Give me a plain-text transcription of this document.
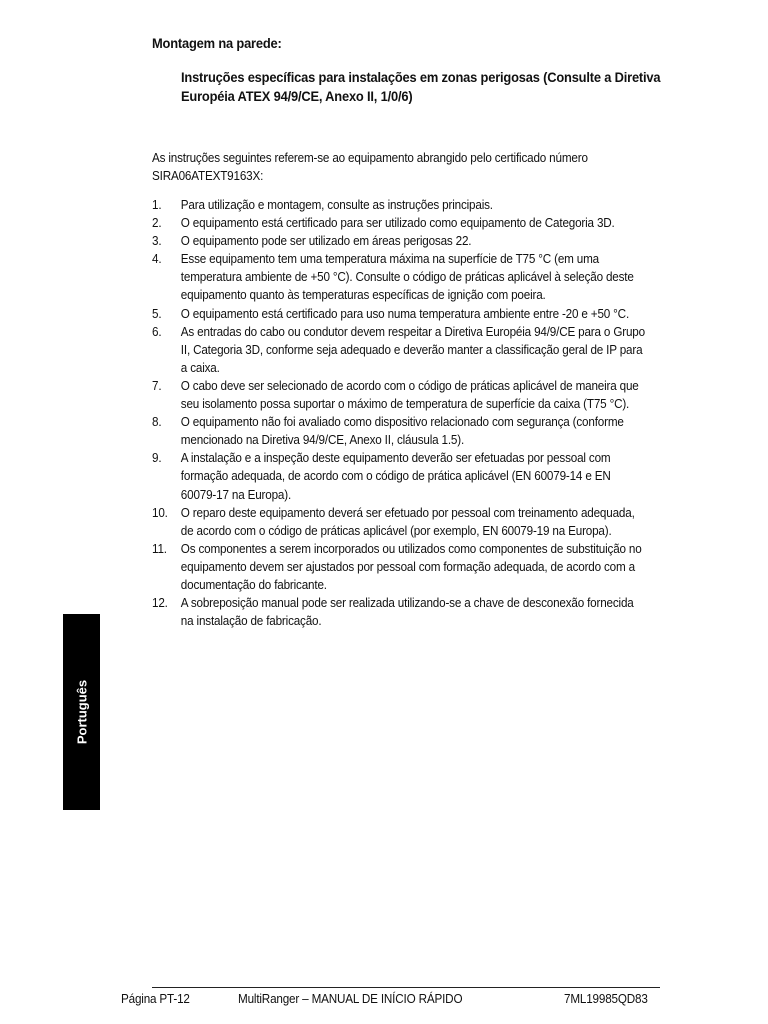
Montagem na parede:
Instruções específicas para instalações em zonas perigosas (Consulte a Diretiva Européia ATEX 94/9/CE, Anexo II, 1/0/6)
As instruções seguintes referem-se ao equipamento abrangido pelo certificado número SIRA06ATEXT9163X:
1. Para utilização e montagem, consulte as instruções principais.
2. O equipamento está certificado para ser utilizado como equipamento de Categoria 3D.
3. O equipamento pode ser utilizado em áreas perigosas 22.
4. Esse equipamento tem uma temperatura máxima na superfície de T75 °C (em uma temperatura ambiente de +50 °C). Consulte o código de práticas aplicável à seleção deste equipamento quanto às temperaturas específicas de ignição com poeira.
5. O equipamento está certificado para uso numa temperatura ambiente entre -20 e +50 °C.
6. As entradas do cabo ou condutor devem respeitar a Diretiva Européia 94/9/CE para o Grupo II, Categoria 3D, conforme seja adequado e deverão manter a classificação geral de IP para a caixa.
7. O cabo deve ser selecionado de acordo com o código de práticas aplicável de maneira que seu isolamento possa suportar o máximo de temperatura de superfície da caixa (T75 °C).
8. O equipamento não foi avaliado como dispositivo relacionado com segurança (conforme mencionado na Diretiva 94/9/CE, Anexo II, cláusula 1.5).
9. A instalação e a inspeção deste equipamento deverão ser efetuadas por pessoal com formação adequada, de acordo com o código de prática aplicável (EN 60079-14 e EN 60079-17 na Europa).
10. O reparo deste equipamento deverá ser efetuado por pessoal com treinamento adequada, de acordo com o código de práticas aplicável (por exemplo, EN 60079-19 na Europa).
11. Os componentes a serem incorporados ou utilizados como componentes de substituição no equipamento devem ser ajustados por pessoal com formação adequada, de acordo com a documentação do fabricante.
12. A sobreposição manual pode ser realizada utilizando-se a chave de desconexão fornecida na instalação de fabricação.
Português
Página PT-12	MultiRanger – MANUAL DE INÍCIO RÁPIDO	7ML19985QD83
